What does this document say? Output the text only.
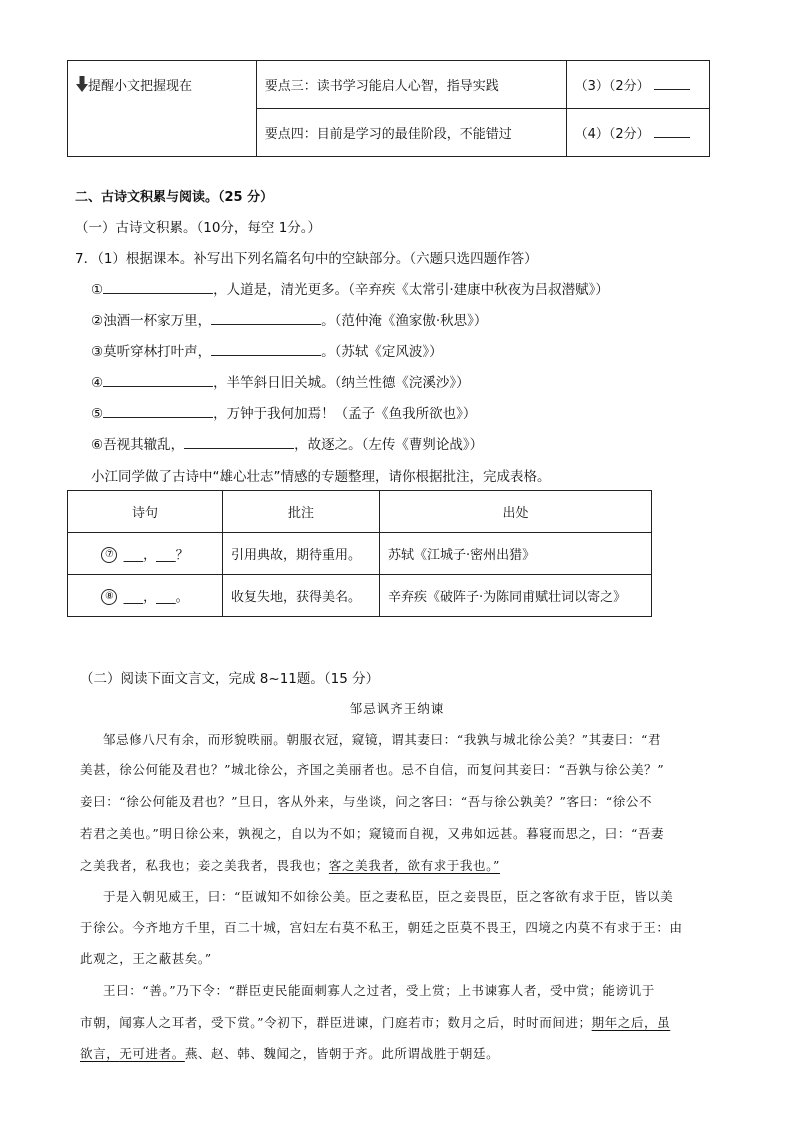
提醒小文把握现在	要点三：读书学习能启人心智，指导实践	（3）（2分）
	要点四：目前是学习的最佳阶段，不能错过	（4）（2分）
二、古诗文积累与阅读。（25 分）
（一）古诗文积累。（10分，每空 1分。）
7．（1）根据课本。补写出下列名篇名句中的空缺部分。（六题只选四题作答）
①	，人道是，清光更多。（辛弃疾《太常引·建康中秋夜为吕叔潜赋》）
②浊酒一杯家万里，	。（范仲淹《渔家傲·秋思》）
③莫听穿林打叶声，	。（苏轼《定风波》）
④	，半竿斜日旧关城。（纳兰性德《浣溪沙》）
⑤	，万钟于我何加焉！（孟子《鱼我所欲也》）
⑥吾视其辙乱，	，故逐之。（左传《曹刿论战》）
小江同学做了古诗中“雄心壮志”情感的专题整理，请你根据批注，完成表格。
诗句	批注	出处
⑦ ___，___？	引用典故，期待重用。	苏轼《江城子·密州出猎》
⑧ ___，___。	收复失地，获得美名。	辛弃疾《破阵子·为陈同甫赋壮词以寄之》
（二）阅读下面文言文，完成 8~11题。（15 分）
邹忌讽齐王纳谏
邹忌修八尺有余，而形貌昳丽。朝服衣冠，窥镜，谓其妻曰：“我孰与城北徐公美？”其妻曰：“君
美甚，徐公何能及君也？”城北徐公，齐国之美丽者也。忌不自信，而复问其妾曰：“吾孰与徐公美？”
妾曰：“徐公何能及君也？”旦日，客从外来，与坐谈，问之客曰：“吾与徐公孰美？”客曰：“徐公不
若君之美也。”明日徐公来，孰视之，自以为不如；窥镜而自视，又弗如远甚。暮寝而思之，曰：“吾妻
之美我者，私我也；妾之美我者，畏我也；客之美我者，欲有求于我也。”
于是入朝见威王，曰：“臣诚知不如徐公美。臣之妻私臣，臣之妾畏臣，臣之客欲有求于臣，皆以美
于徐公。今齐地方千里，百二十城，宫妇左右莫不私王，朝廷之臣莫不畏王，四境之内莫不有求于王：由
此观之，王之蔽甚矣。”
王曰：“善。”乃下令：“群臣吏民能面刺寡人之过者，受上赏；上书谏寡人者，受中赏；能谤讥于
市朝，闻寡人之耳者，受下赏。”令初下，群臣进谏，门庭若市；数月之后，时时而间进；期年之后，虽
欲言，无可进者。燕、赵、韩、魏闻之，皆朝于齐。此所谓战胜于朝廷。
